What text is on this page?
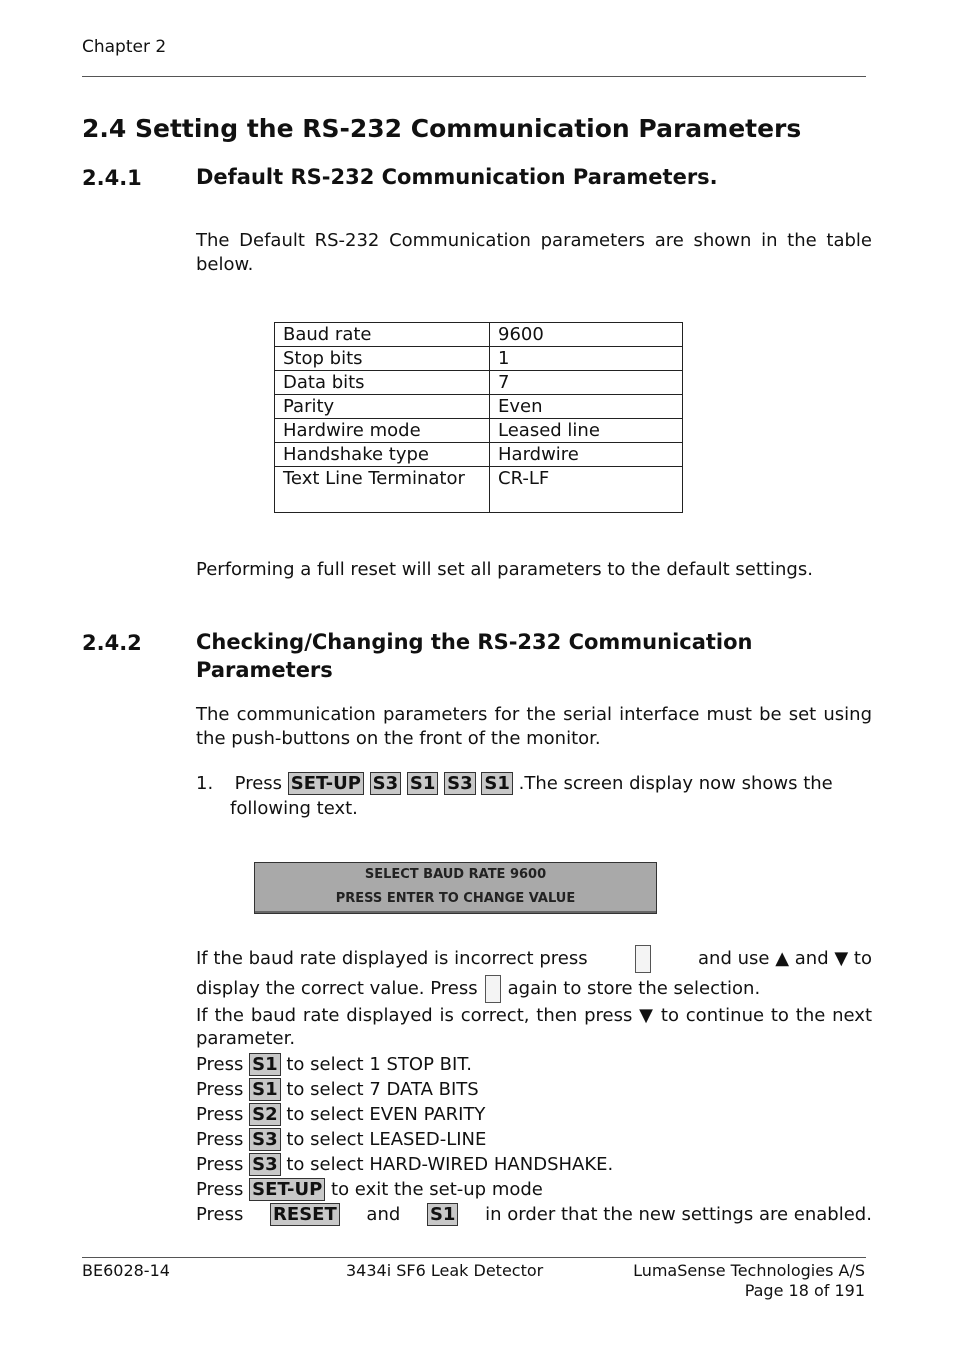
Chapter 2
2.4 Setting the RS-232 Communication Parameters
2.4.1	Default RS-232 Communication Parameters.
The Default RS-232 Communication parameters are shown in the table below.
Baud rate	9600
Stop bits	1
Data bits	7
Parity	Even
Hardwire mode	Leased line
Handshake type	Hardwire
Text Line Terminator	CR-LF
Performing a full reset will set all parameters to the default settings.
2.4.2	Checking/Changing the RS-232 Communication Parameters
The communication parameters for the serial interface must be set using the push-buttons on the front of the monitor.
1. Press SET-UP S3 S1 S3 S1 .The screen display now shows the
following text.
SELECT BAUD RATE 9600
PRESS ENTER TO CHANGE VALUE
If the baud rate displayed is incorrect press	and use ▲ and ▼ to
display the correct value. Press again to store the selection.
If the baud rate displayed is correct, then press ▼ to continue to the next parameter.
Press S1 to select 1 STOP BIT.
Press S1 to select 7 DATA BITS
Press S2 to select EVEN PARITY
Press S3 to select LEASED-LINE
Press S3 to select HARD-WIRED HANDSHAKE.
Press SET-UP to exit the set-up mode
Press RESET and S1 in order that the new settings are enabled.
BE6028-14	3434i SF6 Leak Detector	LumaSense Technologies A/S
Page 18 of 191
